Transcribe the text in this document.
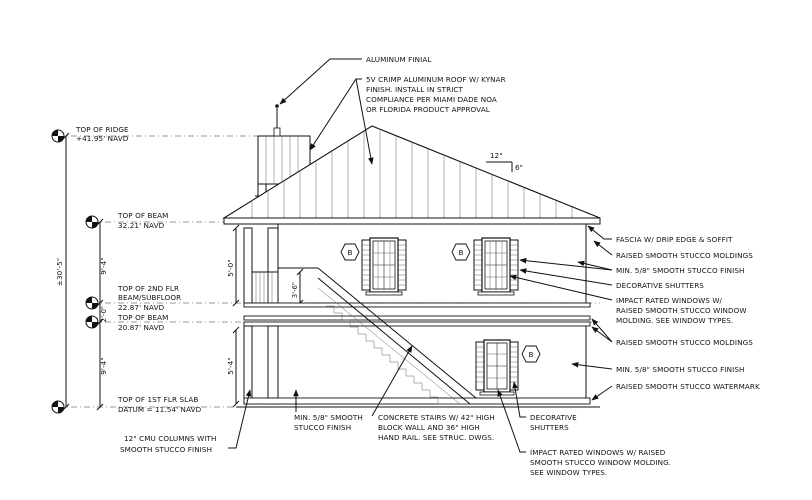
TOP OF RIDGE
+41.95' NAVD
TOP OF BEAM
32.21' NAVD
TOP OF 2ND FLR
BEAM/SUBFLOOR
22.87' NAVD
TOP OF BEAM
20.87' NAVD
TOP OF 1ST FLR SLAB
DATUM = 11.54' NAVD
±30'-5"	9'-4"
2'-0"
9'-4"
5'-0"
5'-4"
3'-6"
12"
6"
B	B
B
ALUMINUM FINIAL
5V CRIMP ALUMINUM ROOF W/ KYNAR
FINISH. INSTALL IN STRICT
COMPLIANCE PER MIAMI DADE NOA
OR FLORIDA PRODUCT APPROVAL
FASCIA W/ DRIP EDGE & SOFFIT
RAISED SMOOTH STUCCO MOLDINGS
MIN. 5/8" SMOOTH STUCCO FINISH
DECORATIVE SHUTTERS
IMPACT RATED WINDOWS W/
RAISED SMOOTH STUCCO WINDOW
MOLDING. SEE WINDOW TYPES.
RAISED SMOOTH STUCCO MOLDINGS
MIN. 5/8" SMOOTH STUCCO FINISH
RAISED SMOOTH STUCCO WATERMARK
12" CMU COLUMNS WITH
SMOOTH STUCCO FINISH
MIN. 5/8" SMOOTH
STUCCO FINISH
CONCRETE STAIRS W/ 42" HIGH
BLOCK WALL AND 36" HIGH
HAND RAIL. SEE STRUC. DWGS.
DECORATIVE
SHUTTERS
IMPACT RATED WINDOWS W/ RAISED
SMOOTH STUCCO WINDOW MOLDING.
SEE WINDOW TYPES.
